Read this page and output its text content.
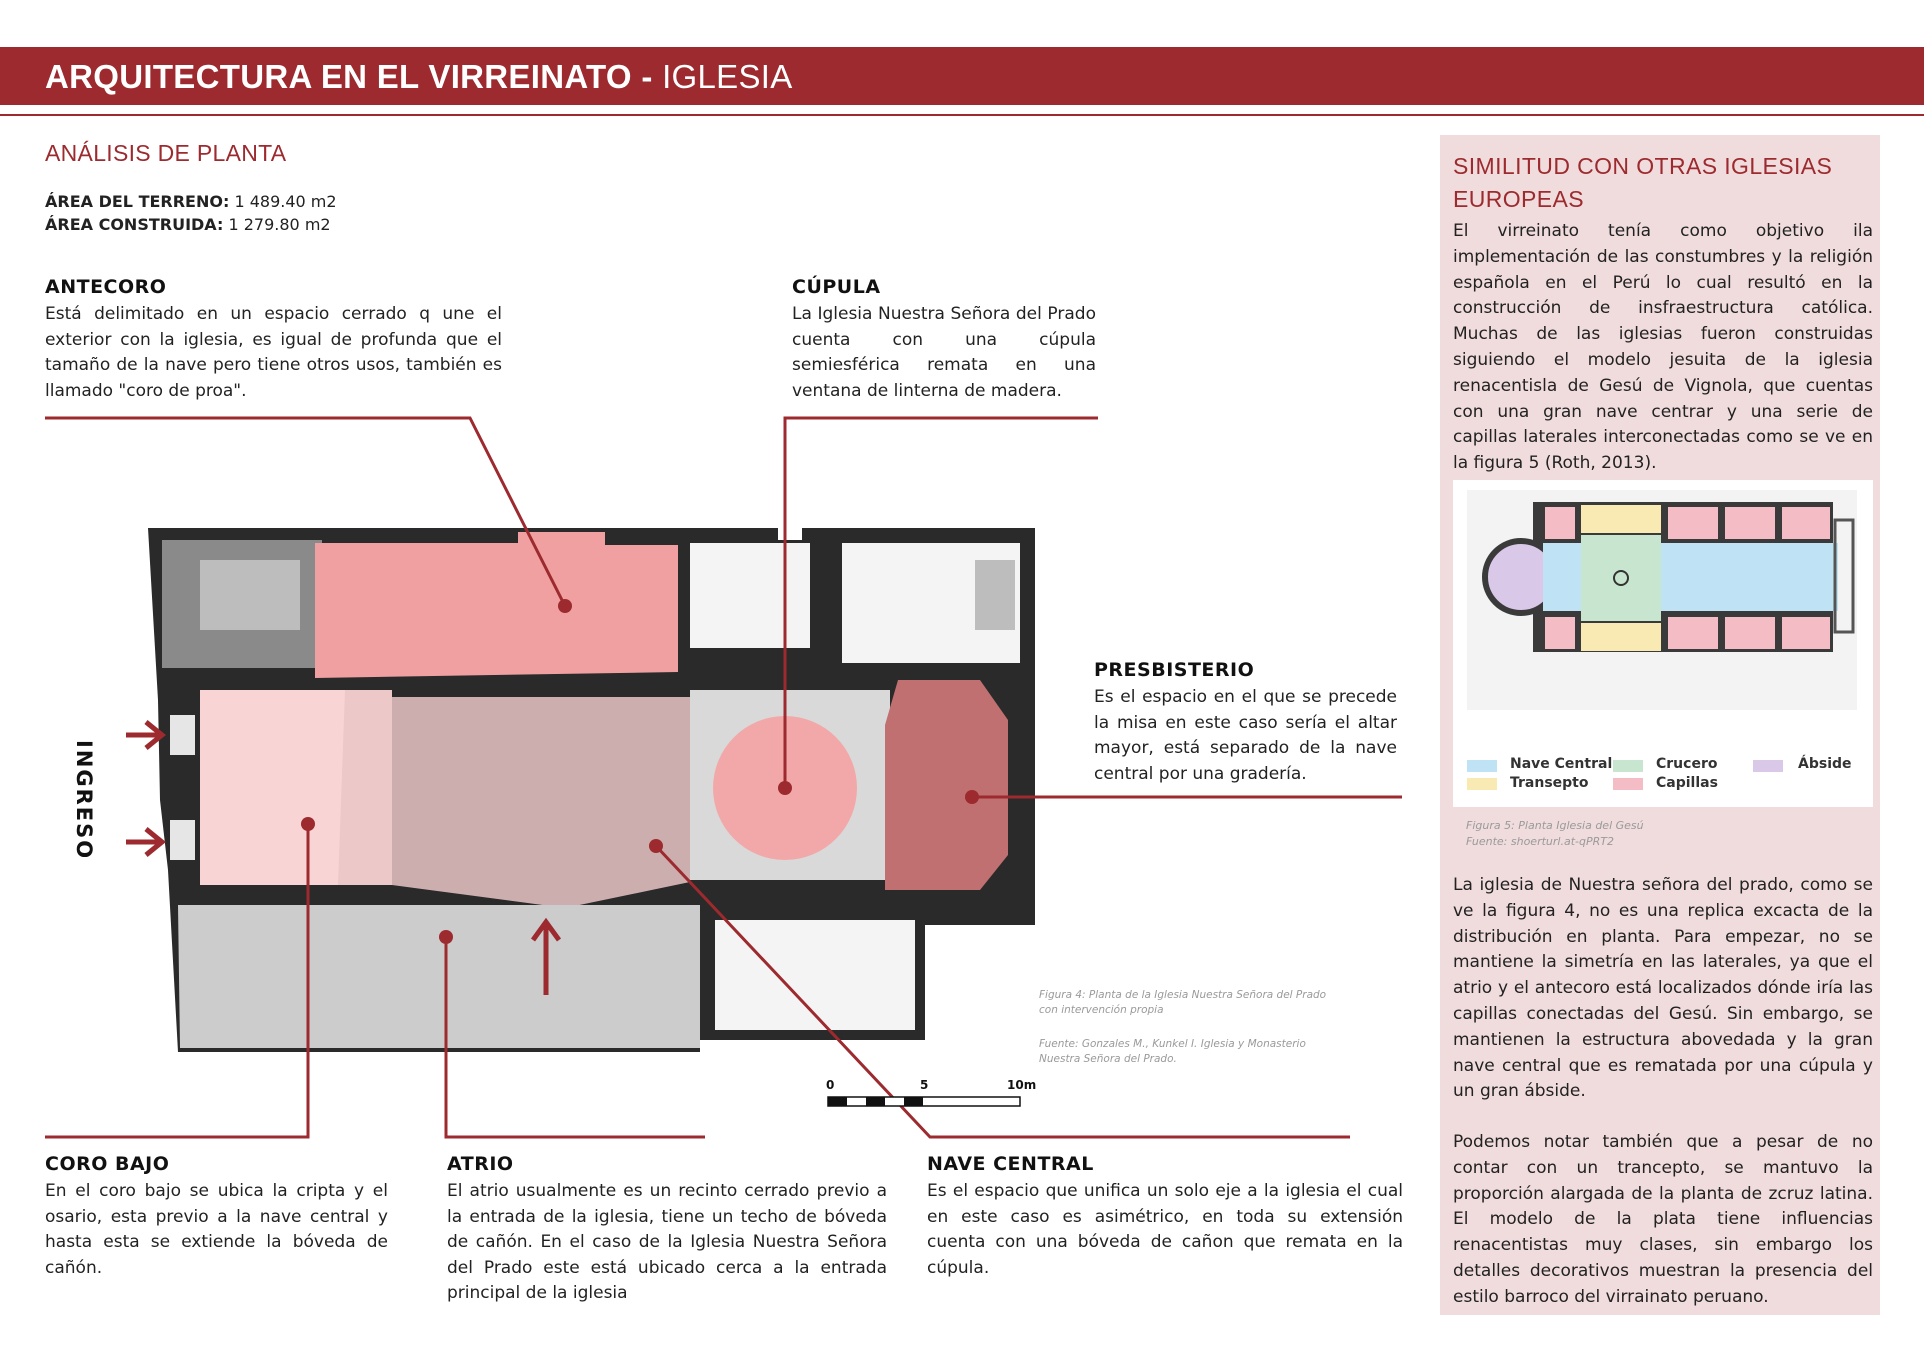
ARQUITECTURA EN EL VIRREINATO - IGLESIA
ANÁLISIS DE PLANTA
ÁREA DEL TERRENO: 1 489.40 m2
ÁREA CONSTRUIDA: 1 279.80 m2
ANTECORO

Está delimitado en un espacio cerrado q une el exterior con la iglesia, es igual de profunda que el tamaño de la nave pero tiene otros usos, también es llamado "coro de proa".

CÚPULA

La Iglesia Nuestra Señora del Prado cuenta con una cúpula semiesférica remata en una ventana de linterna de madera.

PRESBISTERIO

Es el espacio en el que se precede la misa en este caso sería el altar mayor, está separado de la nave central por una gradería.

CORO BAJO

En el coro bajo se ubica la cripta y el osario, esta previo a la nave central y hasta esta se extiende la bóveda de cañón.

ATRIO

El atrio usualmente es un recinto cerrado previo a la entrada de la iglesia, tiene un techo de bóveda de cañón. En el caso de la Iglesia Nuestra Señora del Prado este está ubicado cerca a la entrada principal de la iglesia

NAVE CENTRAL

Es el espacio que unifica un solo eje a la iglesia el cual en este caso es asimétrico, en toda su extensión cuenta con una bóveda de cañon que remata en la cúpula.

0	5	10m
Figura 4: Planta de la Iglesia Nuestra Señora del Prado con intervención propia
Fuente: Gonzales M., Kunkel I. Iglesia y Monasterio Nuestra Señora del Prado.
INGRESO
SIMILITUD CON OTRAS IGLESIAS EUROPEAS
El virreinato tenía como objetivo ila implementación de las constumbres y la religión española en el Perú lo cual resultó en la construcción de insfraestructura católica. Muchas de las iglesias fueron construidas siguiendo el modelo jesuita de la iglesia renacentisla de Gesú de Vignola, que cuentas con una gran nave centrar y una serie de capillas laterales interconectadas como se ve en la figura 5 (Roth, 2013).
Nave Central	Crucero	Ábside
Transepto	Capillas
Figura 5: Planta Iglesia del Gesú
Fuente: shoerturl.at-qPRT2
La iglesia de Nuestra señora del prado, como se ve la figura 4, no es una replica excacta de la distribución en planta. Para empezar, no se mantiene la simetría en las laterales, ya que el atrio y el antecoro está localizados dónde iría las capillas conectadas del Gesú. Sin embargo, se mantienen la estructura abovedada y la gran nave central que es rematada por una cúpula y un gran ábside.
Podemos notar también que a pesar de no contar con un trancepto, se mantuvo la proporción alargada de la planta de zcruz latina. El modelo de la plata tiene influencias renacentistas muy clases, sin embargo los detalles decorativos muestran la presencia del estilo barroco del virrainato peruano.
